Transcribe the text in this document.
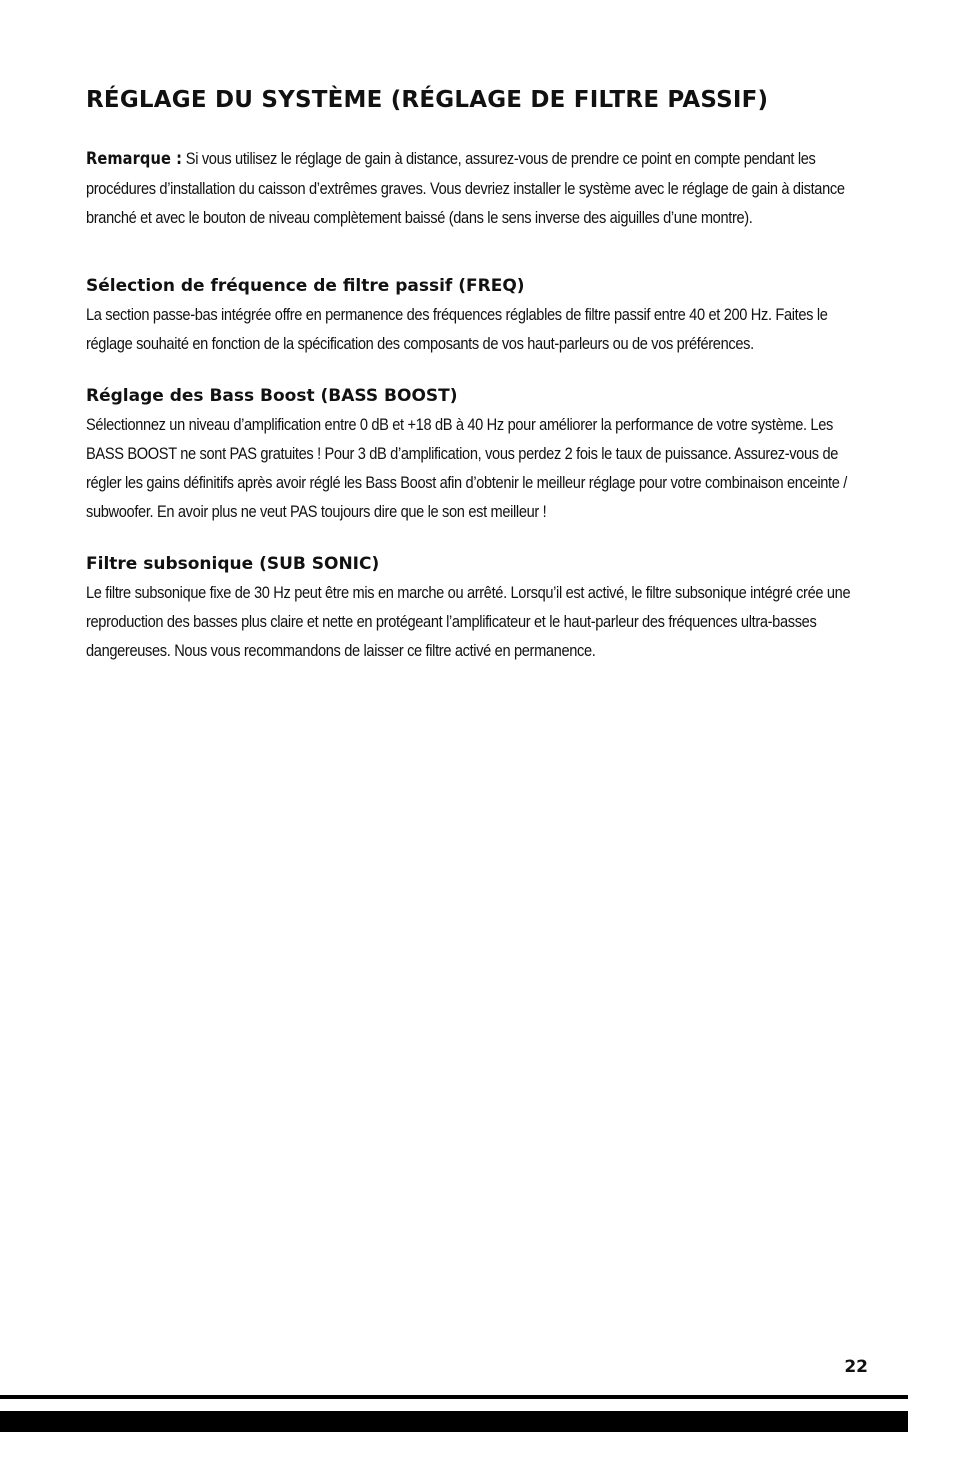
RÉGLAGE DU SYSTÈME (RÉGLAGE DE FILTRE PASSIF)

Remarque : Si vous utilisez le réglage de gain à distance, assurez-vous de prendre ce point en compte pendant les procédures d’installation du caisson d’extrêmes graves. Vous devriez installer le système avec le réglage de gain à distance branché et avec le bouton de niveau complètement baissé (dans le sens inverse des aiguilles d’une montre).

Sélection de fréquence de filtre passif (FREQ)

La section passe-bas intégrée offre en permanence des fréquences réglables de filtre passif entre 40 et 200 Hz. Faites le réglage souhaité en fonction de la spécification des composants de vos haut-parleurs ou de vos préférences.

Réglage des Bass Boost (BASS BOOST)

Sélectionnez un niveau d’amplification entre 0 dB et +18 dB à 40 Hz pour améliorer la performance de votre système. Les BASS BOOST ne sont PAS gratuites ! Pour 3 dB d’amplification, vous perdez 2 fois le taux de puissance. Assurez-vous de régler les gains définitifs après avoir réglé les Bass Boost afin d’obtenir le meilleur réglage pour votre combinaison enceinte / subwoofer. En avoir plus ne veut PAS toujours dire que le son est meilleur !

Filtre subsonique (SUB SONIC)

Le filtre subsonique fixe de 30 Hz peut être mis en marche ou arrêté. Lorsqu’il est activé, le filtre subsonique intégré crée une reproduction des basses plus claire et nette en protégeant l’amplificateur et le haut-parleur des fréquences ultra-basses dangereuses. Nous vous recommandons de laisser ce filtre activé en permanence.

22
